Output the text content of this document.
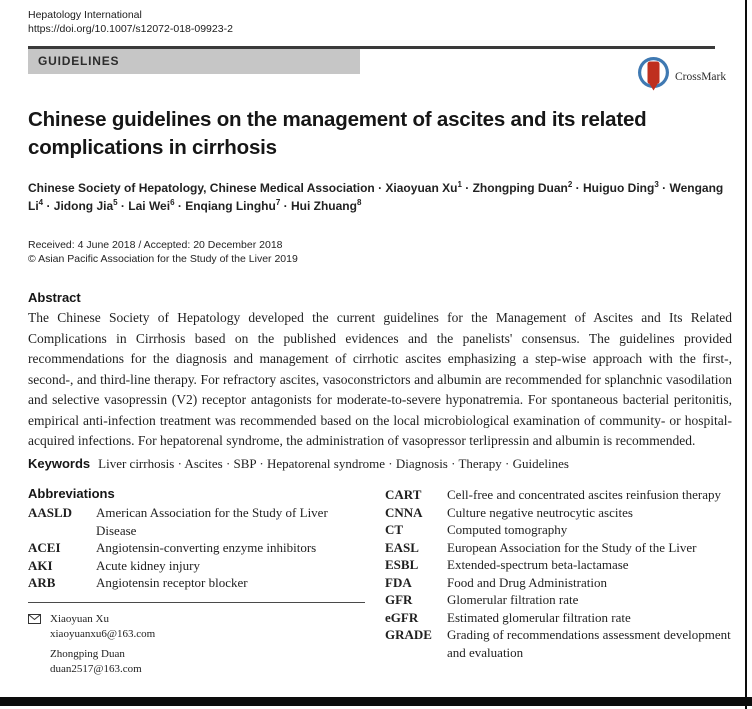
Hepatology International
https://doi.org/10.1007/s12072-018-09923-2
GUIDELINES
CrossMark
Chinese guidelines on the management of ascites and its related complications in cirrhosis
Chinese Society of Hepatology, Chinese Medical Association · Xiaoyuan $Xu^1$ · Zhongping Duan$^2$ · Huiguo Ding$^3$ · Wengang $Li^4$ · Jidong Jia$^5$ · Lai Wei$^6$ · Enqiang Linghu$^7$ · Hui Zhuang$^8$
Received: 4 June 2018 / Accepted: 20 December 2018
© Asian Pacific Association for the Study of the Liver 2019
Abstract

The Chinese Society of Hepatology developed the current guidelines for the Management of Ascites and Its Related Complications in Cirrhosis based on the published evidences and the panelists' consensus. The guidelines provided recommendations for the diagnosis and management of cirrhotic ascites emphasizing a step-wise approach with the first-, second-, and third-line therapy. For refractory ascites, vasoconstrictors and albumin are recommended for splanchnic vasodilation and selective vasopressin (V2) receptor antagonists for moderate-to-severe hyponatremia. For spontaneous bacterial peritonitis, empirical anti-infection treatment was recommended based on the local microbiological examination of community- or hospital-acquired infections. For hepatorenal syndrome, the administration of vasopressor terlipressin and albumin is recommended.

Keywords Liver cirrhosis · Ascites · SBP · Hepatorenal syndrome · Diagnosis · Therapy · Guidelines
Abbreviations
AASLD	American Association for the Study of Liver Disease
ACEI	Angiotensin-converting enzyme inhibitors
AKI	Acute kidney injury
ARB	Angiotensin receptor blocker
Xiaoyuan Xu
xiaoyuanxu6@163.com
Zhongping Duan
duan2517@163.com
CART	Cell-free and concentrated ascites reinfusion therapy
CNNA	Culture negative neutrocytic ascites
CT	Computed tomography
EASL	European Association for the Study of the Liver
ESBL	Extended-spectrum beta-lactamase
FDA	Food and Drug Administration
GFR	Glomerular filtration rate
eGFR	Estimated glomerular filtration rate
GRADE	Grading of recommendations assessment development and evaluation
